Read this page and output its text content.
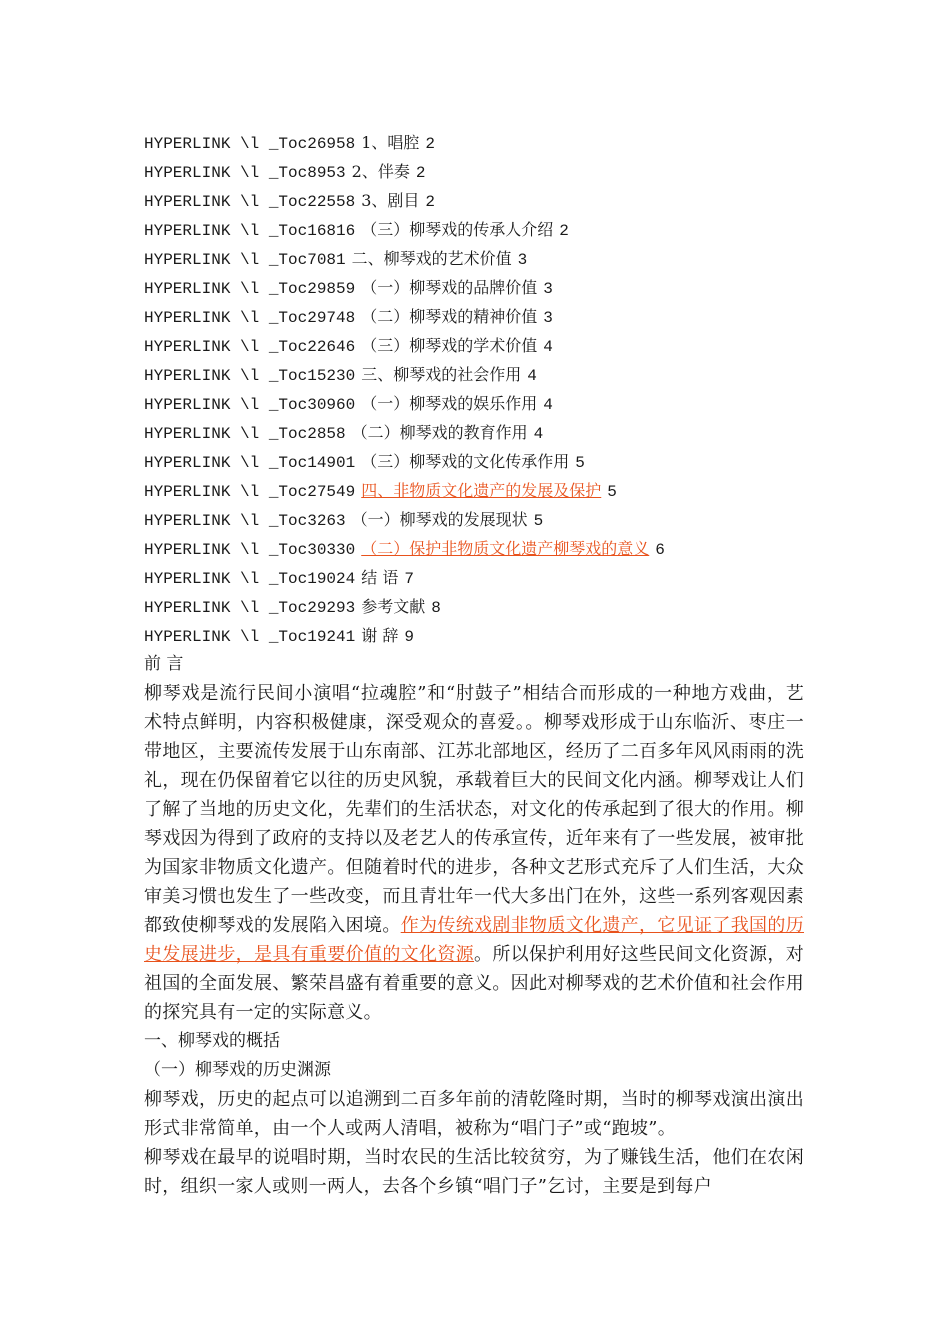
HYPERLINK \l _Toc26958 1、唱腔 2
HYPERLINK \l _Toc8953 2、伴奏 2
HYPERLINK \l _Toc22558 3、剧目 2
HYPERLINK \l _Toc16816 （三）柳琴戏的传承人介绍 2
HYPERLINK \l _Toc7081 二、柳琴戏的艺术价值 3
HYPERLINK \l _Toc29859 （一）柳琴戏的品牌价值 3
HYPERLINK \l _Toc29748 （二）柳琴戏的精神价值 3
HYPERLINK \l _Toc22646 （三）柳琴戏的学术价值 4
HYPERLINK \l _Toc15230 三、柳琴戏的社会作用 4
HYPERLINK \l _Toc30960 （一）柳琴戏的娱乐作用 4
HYPERLINK \l _Toc2858 （二）柳琴戏的教育作用 4
HYPERLINK \l _Toc14901 （三）柳琴戏的文化传承作用 5
HYPERLINK \l _Toc27549 四、非物质文化遗产的发展及保护 5
HYPERLINK \l _Toc3263 （一）柳琴戏的发展现状 5
HYPERLINK \l _Toc30330 （二）保护非物质文化遗产柳琴戏的意义 6
HYPERLINK \l _Toc19024 结 语 7
HYPERLINK \l _Toc29293 参考文献 8
HYPERLINK \l _Toc19241 谢 辞 9
前 言

柳琴戏是流行民间小演唱“拉魂腔”和“肘鼓子”相结合而形成的一种地方戏曲，艺术特点鲜明，内容积极健康，深受观众的喜爱。。柳琴戏形成于山东临沂、枣庄一带地区，主要流传发展于山东南部、江苏北部地区，经历了二百多年风风雨雨的洗礼，现在仍保留着它以往的历史风貌，承载着巨大的民间文化内涵。柳琴戏让人们了解了当地的历史文化，先辈们的生活状态，对文化的传承起到了很大的作用。柳琴戏因为得到了政府的支持以及老艺人的传承宣传，近年来有了一些发展，被审批为国家非物质文化遗产。但随着时代的进步，各种文艺形式充斥了人们生活，大众审美习惯也发生了一些改变，而且青壮年一代大多出门在外，这些一系列客观因素都致使柳琴戏的发展陷入困境。作为传统戏剧非物质文化遗产，它见证了我国的历史发展进步，是具有重要价值的文化资源。所以保护利用好这些民间文化资源，对祖国的全面发展、繁荣昌盛有着重要的意义。因此对柳琴戏的艺术价值和社会作用的探究具有一定的实际意义。

一、柳琴戏的概括
（一）柳琴戏的历史渊源

柳琴戏，历史的起点可以追溯到二百多年前的清乾隆时期，当时的柳琴戏演出演出形式非常简单，由一个人或两人清唱，被称为“唱门子”或“跑坡”。

柳琴戏在最早的说唱时期，当时农民的生活比较贫穷，为了赚钱生活，他们在农闲时，组织一家人或则一两人，去各个乡镇“唱门子”乞讨，主要是到每户
